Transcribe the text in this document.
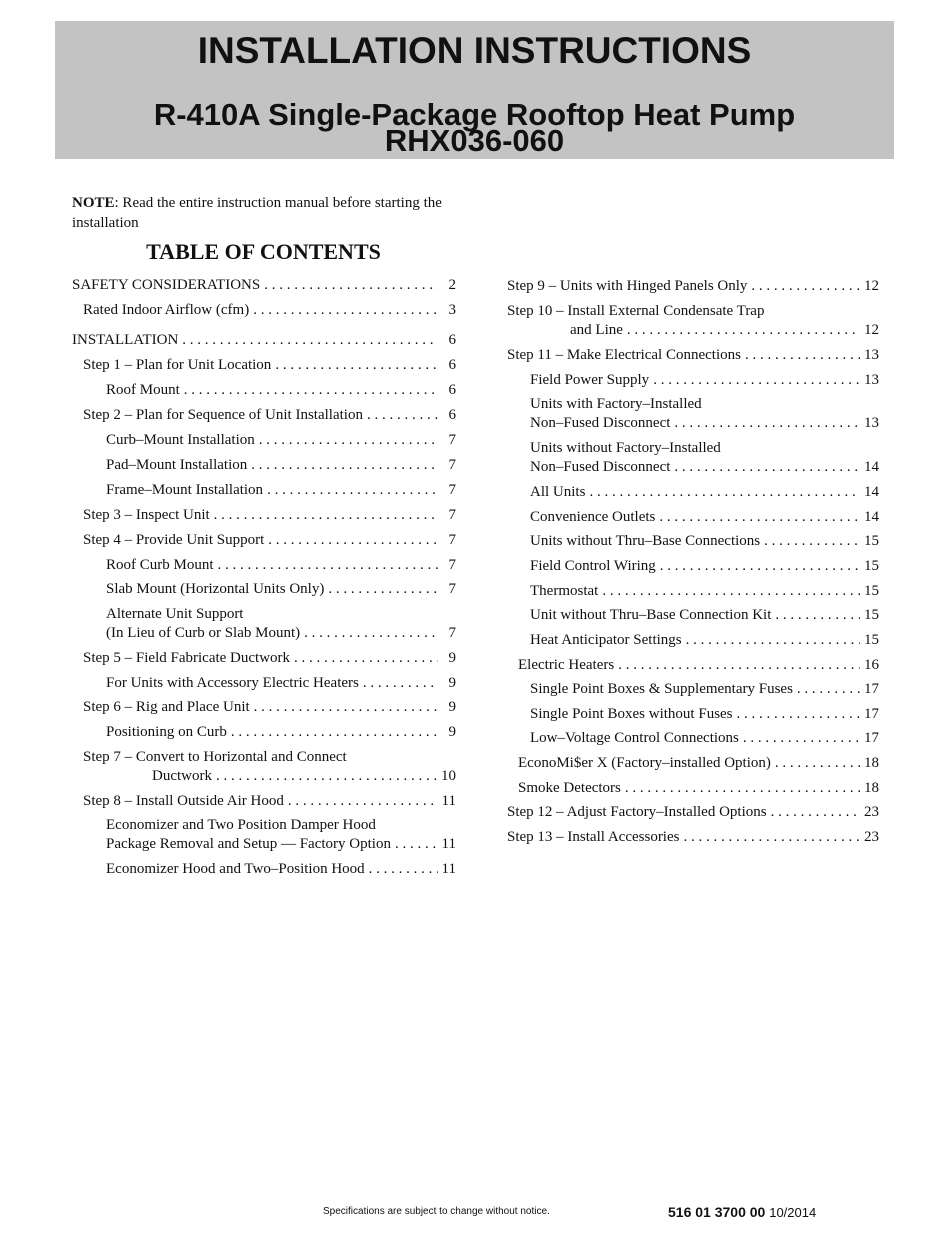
INSTALLATION INSTRUCTIONS
R-410A Single-Package Rooftop Heat Pump
RHX036-060
NOTE: Read the entire instruction manual before starting the installation
TABLE OF CONTENTS
SAFETY CONSIDERATIONS . . .	2
Rated Indoor Airflow (cfm) . . .	3
INSTALLATION . . .	6
Step 1 – Plan for Unit Location . . .	6
Roof Mount . . .	6
Step 2 – Plan for Sequence of Unit Installation . . .	6
Curb–Mount Installation . . .	7
Pad–Mount Installation . . .	7
Frame–Mount Installation . . .	7
Step 3 – Inspect Unit . . .	7
Step 4 – Provide Unit Support . . .	7
Roof Curb Mount . . .	7
Slab Mount (Horizontal Units Only) . . .	7
Alternate Unit Support
(In Lieu of Curb or Slab Mount) . . .	7
Step 5 – Field Fabricate Ductwork . . .	9
For Units with Accessory Electric Heaters . . .	9
Step 6 – Rig and Place Unit . . .	9
Positioning on Curb . . .	9
Step 7 – Convert to Horizontal and Connect
Ductwork . . .	10
Step 8 – Install Outside Air Hood . . .	11
Economizer and Two Position Damper Hood
Package Removal and Setup — Factory Option . . .	11
Economizer Hood and Two–Position Hood . . .	11
Step 9 – Units with Hinged Panels Only . . .	12
Step 10 – Install External Condensate Trap
and Line . . .	12
Step 11 – Make Electrical Connections . . .	13
Field Power Supply . . .	13
Units with Factory–Installed
Non–Fused Disconnect . . .	13
Units without Factory–Installed
Non–Fused Disconnect . . .	14
All Units . . .	14
Convenience Outlets . . .	14
Units without Thru–Base Connections . . .	15
Field Control Wiring . . .	15
Thermostat . . .	15
Unit without Thru–Base Connection Kit . . .	15
Heat Anticipator Settings . . .	15
Electric Heaters . . .	16
Single Point Boxes & Supplementary Fuses . . .	17
Single Point Boxes without Fuses . . .	17
Low–Voltage Control Connections . . .	17
EconoMi$er X (Factory–installed Option) . . .	18
Smoke Detectors . . .	18
Step 12 – Adjust Factory–Installed Options . . .	23
Step 13 – Install Accessories . . .	23
Specifications are subject to change without notice.	516 01 3700 00 10/2014
